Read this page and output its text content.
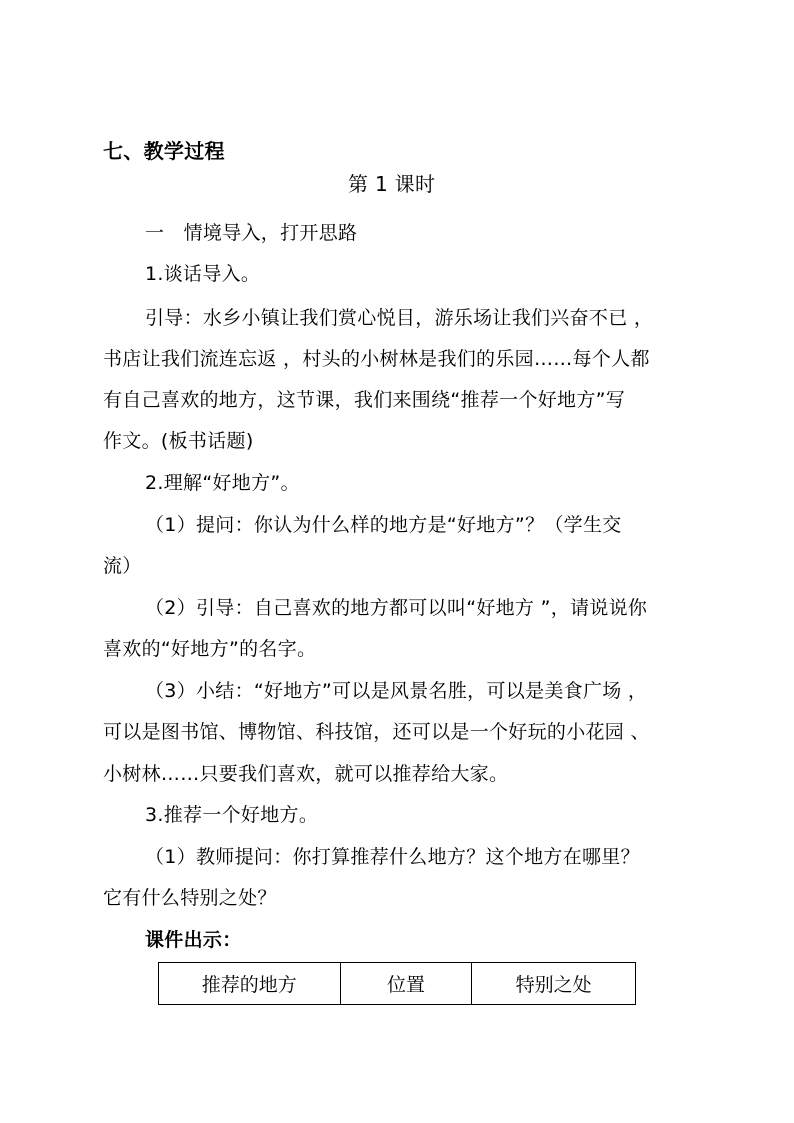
七、教学过程
第 1 课时
一　情境导入，打开思路
1.谈话导入。
引导：水乡小镇让我们赏心悦目，游乐场让我们兴奋不已 ，
书店让我们流连忘返 ，村头的小树林是我们的乐园……每个人都
有自己喜欢的地方，这节课，我们来围绕“推荐一个好地方”写
作文。(板书话题)
2.理解“好地方”。
（1）提问：你认为什么样的地方是“好地方”？（学生交
流）
（2）引导：自己喜欢的地方都可以叫“好地方 ”，请说说你
喜欢的“好地方”的名字。
（3）小结：“好地方”可以是风景名胜，可以是美食广场 ，
可以是图书馆、博物馆、科技馆，还可以是一个好玩的小花园 、
小树林……只要我们喜欢，就可以推荐给大家。
3.推荐一个好地方。
（1）教师提问：你打算推荐什么地方？这个地方在哪里？
它有什么特别之处？
课件出示：
推荐的地方	位置	特别之处
